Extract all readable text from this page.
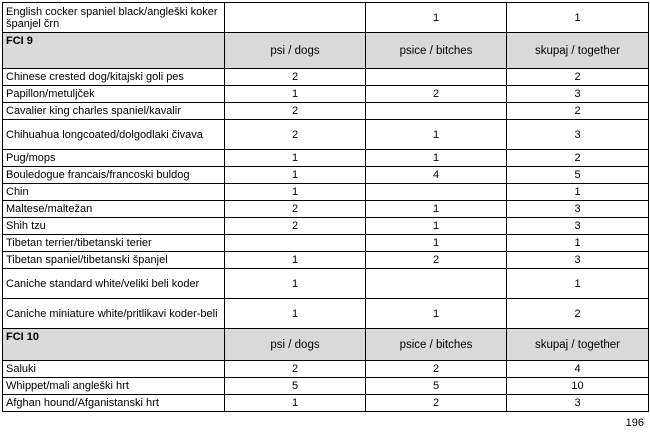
English cocker spaniel black/angleški koker španjel črn		1	1
FCI 9	psi / dogs	psice / bitches	skupaj / together
Chinese crested dog/kitajski goli pes	2		2
Papillon/metuljček	1	2	3
Cavalier king charles spaniel/kavalir	2		2
Chihuahua longcoated/dolgodlaki čivava	2	1	3
Pug/mops	1	1	2
Bouledogue francais/francoski buldog	1	4	5
Chin	1		1
Maltese/maltežan	2	1	3
Shih tzu	2	1	3
Tibetan terrier/tibetanski terier		1	1
Tibetan spaniel/tibetanski španjel	1	2	3
Caniche standard white/veliki beli koder	1		1
Caniche miniature white/pritlikavi koder-beli	1	1	2
FCI 10	psi / dogs	psice / bitches	skupaj / together
Saluki	2	2	4
Whippet/mali angleški hrt	5	5	10
Afghan hound/Afganistanski hrt	1	2	3
196
